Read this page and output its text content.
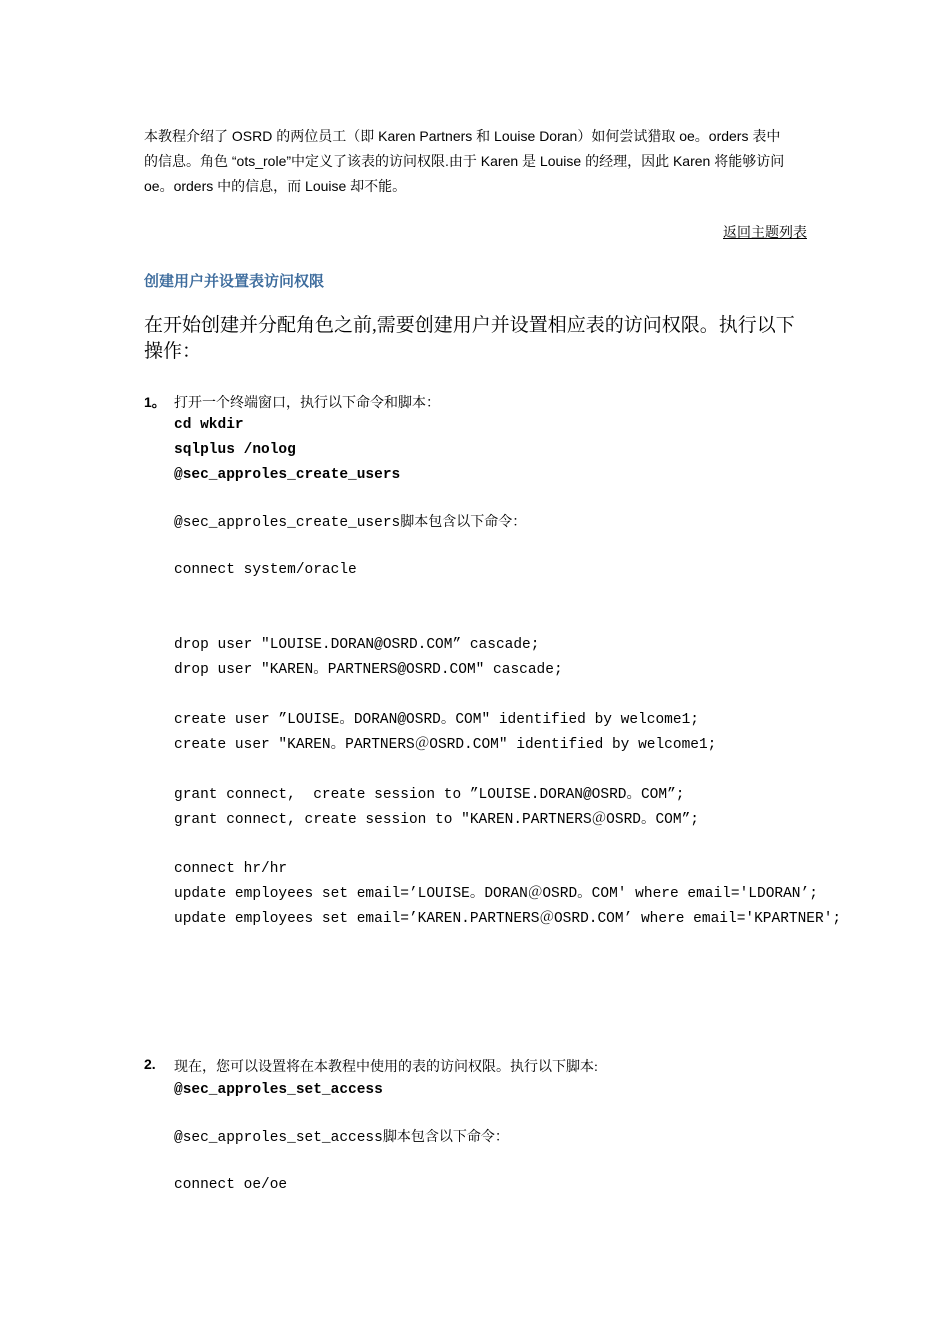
本教程介绍了 OSRD 的两位员工（即 Karen Partners 和 Louise Doran）如何尝试猎取 oe。orders 表中

的信息。角色 “ots_role”中定义了该表的访问权限.由于 Karen 是 Louise 的经理，因此 Karen 将能够访问

oe。orders 中的信息，而 Louise 却不能。

返回主题列表
创建用户并设置表访问权限
在开始创建并分配角色之前,需要创建用户并设置相应表的访问权限。执行以下
操作：
1。 打开一个终端窗口，执行以下命令和脚本：
cd wkdir
sqlplus /nolog
@sec_approles_create_users
@sec_approles_create_users脚本包含以下命令：
connect system/oracle
drop user "LOUISE.DORAN@OSRD.COM” cascade;
drop user "KAREN。PARTNERS@OSRD.COM" cascade;
create user ”LOUISE。DORAN@OSRD。COM" identified by welcome1;
create user "KAREN。PARTNERS＠OSRD.COM" identified by welcome1;
grant connect,  create session to ”LOUISE.DORAN@OSRD。COM”;
grant connect, create session to "KAREN.PARTNERS＠OSRD。COM”;
connect hr/hr
update employees set email=’LOUISE。DORAN＠OSRD。COM' where email='LDORAN’;
update employees set email=’KAREN.PARTNERS＠OSRD.COM’ where email='KPARTNER';
2. 现在，您可以设置将在本教程中使用的表的访问权限。执行以下脚本:
@sec_approles_set_access
@sec_approles_set_access脚本包含以下命令：
connect oe/oe
